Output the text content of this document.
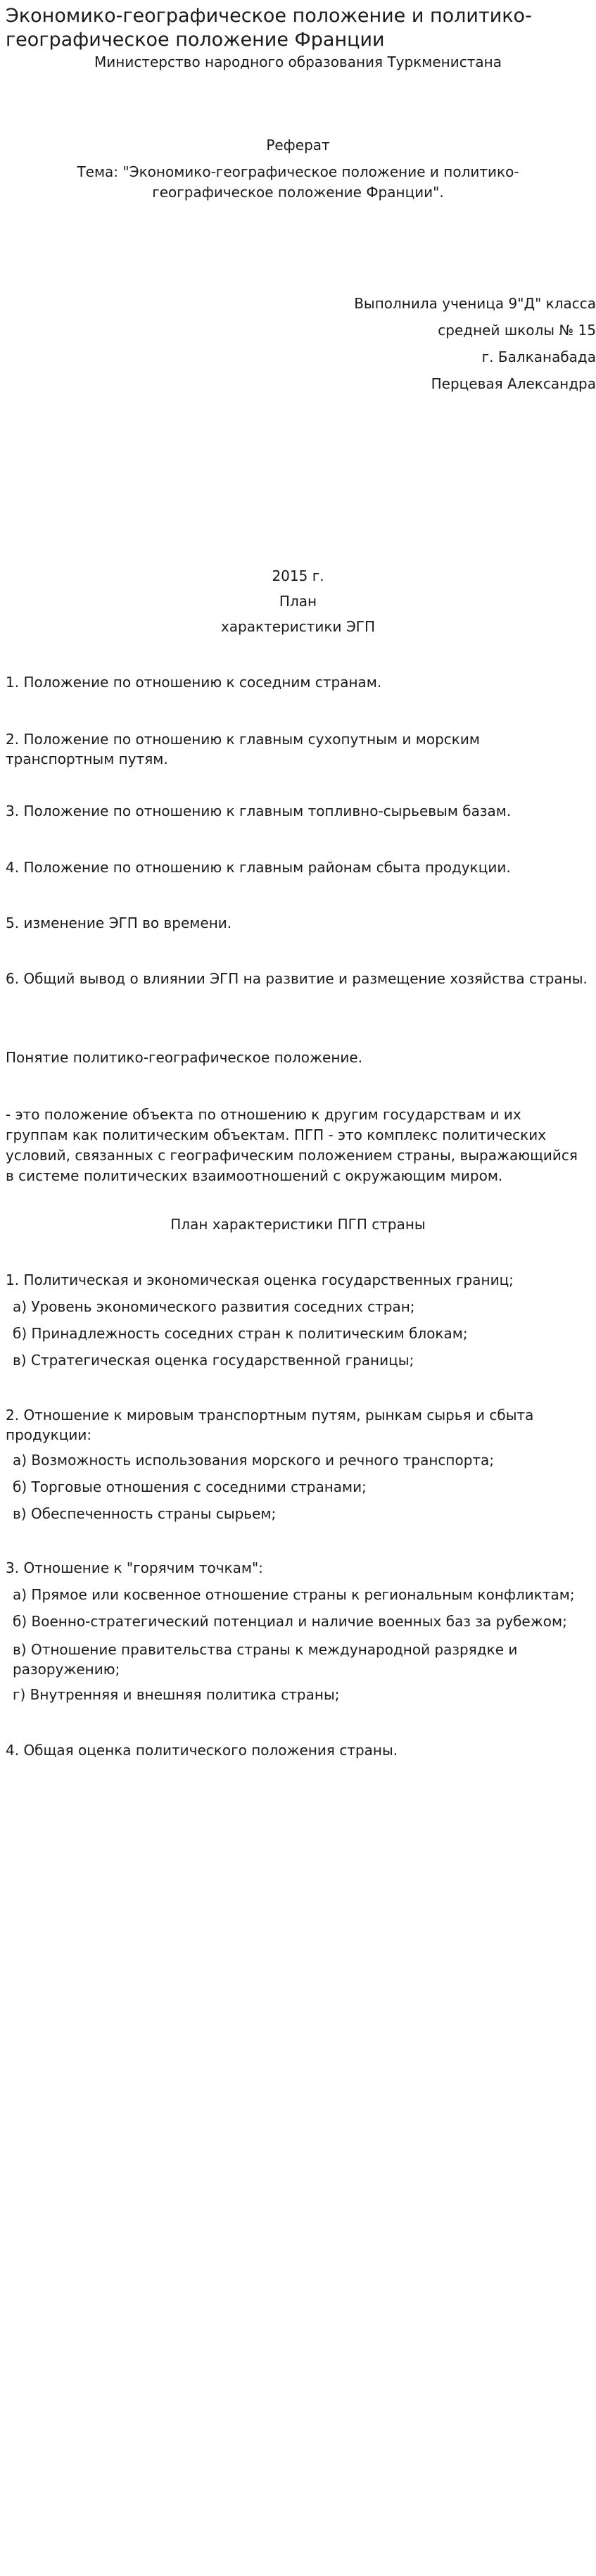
Экономико-географическое положение и политико-географическое положение Франции
Министерство народного образования Туркменистана
Реферат
Тема: "Экономико-географическое положение и политико-географическое положение Франции".
Выполнила ученица 9"Д" класса
средней школы № 15
г. Балканабада
Перцевая Александра
2015 г.
План
характеристики ЭГП
1. Положение по отношению к соседним странам.
2. Положение по отношению к главным сухопутным и морским транспортным путям.
3. Положение по отношению к главным топливно-сырьевым базам.
4. Положение по отношению к главным районам сбыта продукции.
5. изменение ЭГП во времени.
6. Общий вывод о влиянии ЭГП на развитие и размещение хозяйства страны.
Понятие политико-географическое положение.
- это положение объекта по отношению к другим государствам и их группам как политическим объектам. ПГП - это комплекс политических условий, связанных с географическим положением страны, выражающийся в системе политических взаимоотношений с окружающим миром.
План характеристики ПГП страны
1. Политическая и экономическая оценка государственных границ;
а) Уровень экономического развития соседних стран;
б) Принадлежность соседних стран к политическим блокам;
в) Стратегическая оценка государственной границы;
2. Отношение к мировым транспортным путям, рынкам сырья и сбыта продукции:
а) Возможность использования морского и речного транспорта;
б) Торговые отношения с соседними странами;
в) Обеспеченность страны сырьем;
3. Отношение к "горячим точкам":
а) Прямое или косвенное отношение страны к региональным конфликтам;
б) Военно-стратегический потенциал и наличие военных баз за рубежом;
в) Отношение правительства страны к международной разрядке и разоружению;
г) Внутренняя и внешняя политика страны;
4. Общая оценка политического положения страны.
